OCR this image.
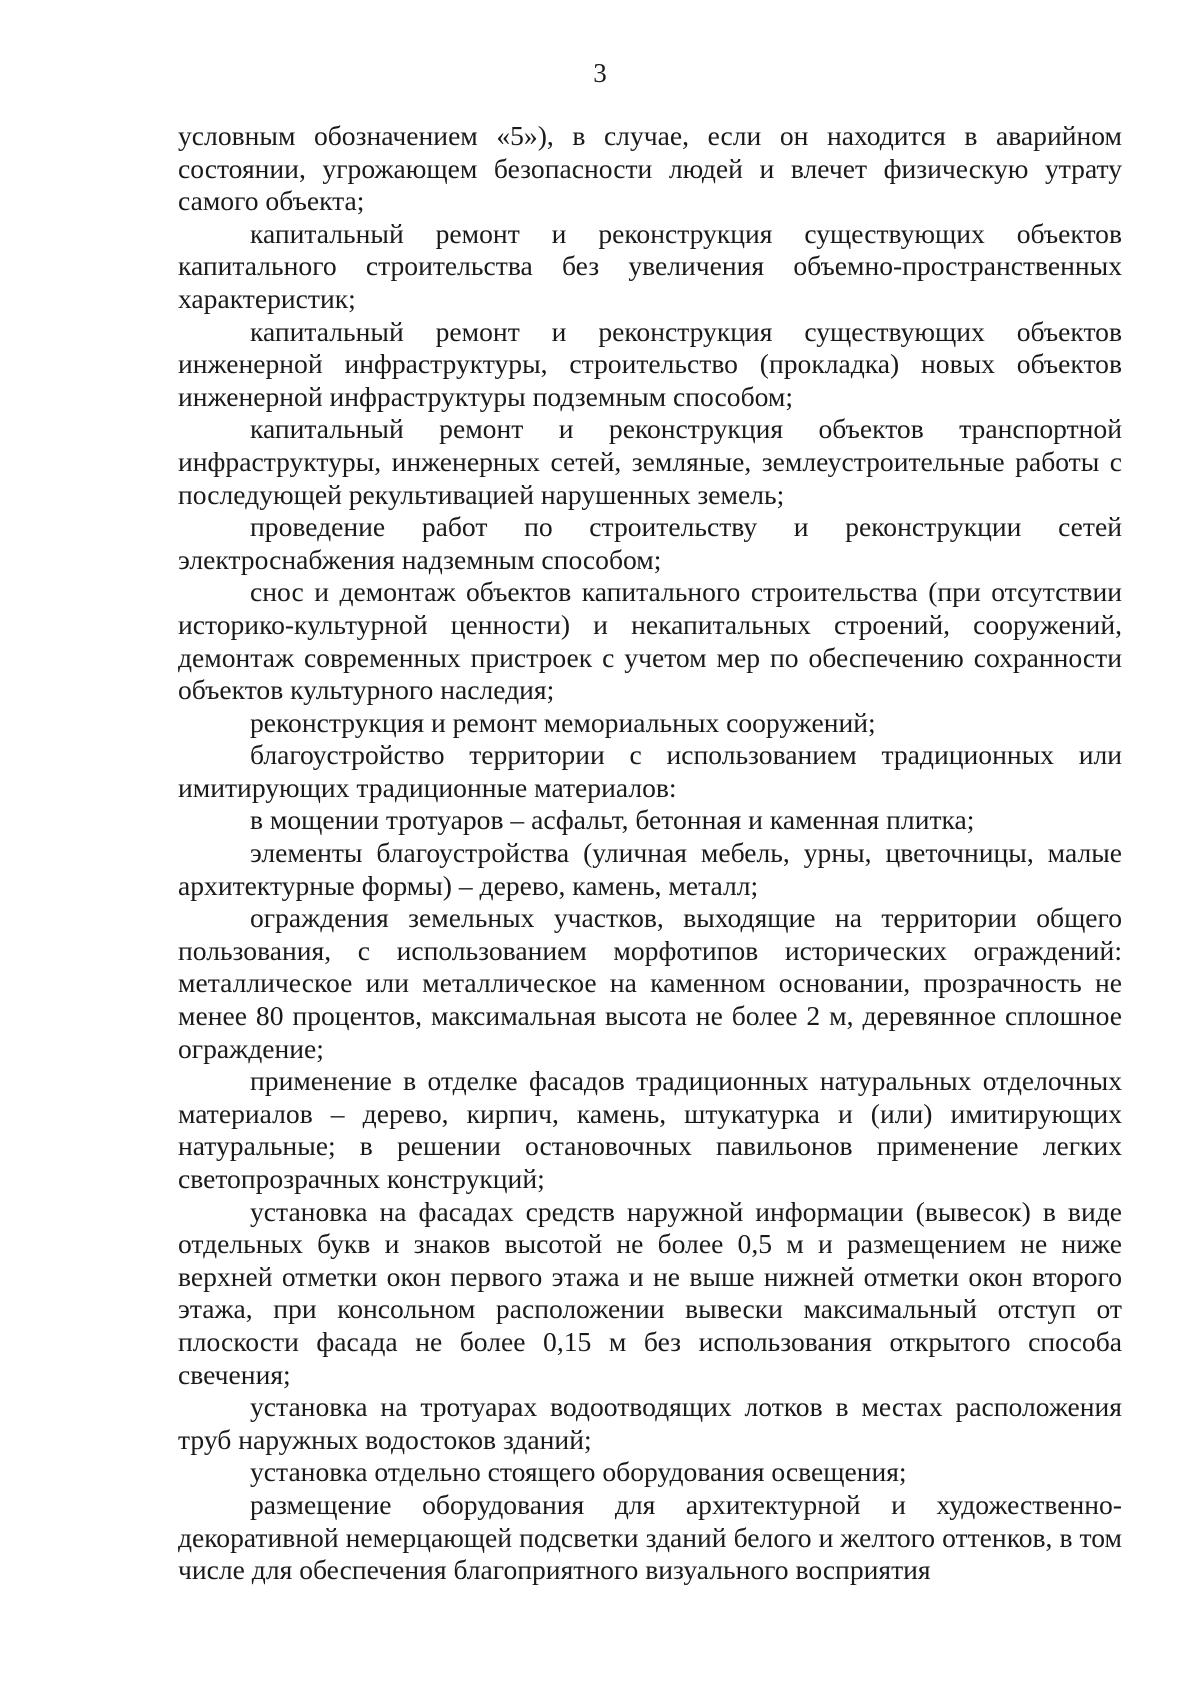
3

условным обозначением «5»), в случае, если он находится в аварийном состоянии, угрожающем безопасности людей и влечет физическую утрату самого объекта;

капитальный ремонт и реконструкция существующих объектов капитального строительства без увеличения объемно-пространственных характеристик;

капитальный ремонт и реконструкция существующих объектов инженерной инфраструктуры, строительство (прокладка) новых объектов инженерной инфраструктуры подземным способом;

капитальный ремонт и реконструкция объектов транспортной инфраструктуры, инженерных сетей, земляные, землеустроительные работы с последующей рекультивацией нарушенных земель;

проведение работ по строительству и реконструкции сетей электроснабжения надземным способом;

снос и демонтаж объектов капитального строительства (при отсутствии историко-культурной ценности) и некапитальных строений, сооружений, демонтаж современных пристроек с учетом мер по обеспечению сохранности объектов культурного наследия;

реконструкция и ремонт мемориальных сооружений;

благоустройство территории с использованием традиционных или имитирующих традиционные материалов:

в мощении тротуаров – асфальт, бетонная и каменная плитка;

элементы благоустройства (уличная мебель, урны, цветочницы, малые архитектурные формы) – дерево, камень, металл;

ограждения земельных участков, выходящие на территории общего пользования, с использованием морфотипов исторических ограждений: металлическое или металлическое на каменном основании, прозрачность не менее 80 процентов, максимальная высота не более 2 м, деревянное сплошное ограждение;

применение в отделке фасадов традиционных натуральных отделочных материалов – дерево, кирпич, камень, штукатурка и (или) имитирующих натуральные; в решении остановочных павильонов применение легких светопрозрачных конструкций;

установка на фасадах средств наружной информации (вывесок) в виде отдельных букв и знаков высотой не более 0,5 м и размещением не ниже верхней отметки окон первого этажа и не выше нижней отметки окон второго этажа, при консольном расположении вывески максимальный отступ от плоскости фасада не более 0,15 м без использования открытого способа свечения;

установка на тротуарах водоотводящих лотков в местах расположения труб наружных водостоков зданий;

установка отдельно стоящего оборудования освещения;

размещение оборудования для архитектурной и художественно-декоративной немерцающей подсветки зданий белого и желтого оттенков, в том числе для обеспечения благоприятного визуального восприятия
